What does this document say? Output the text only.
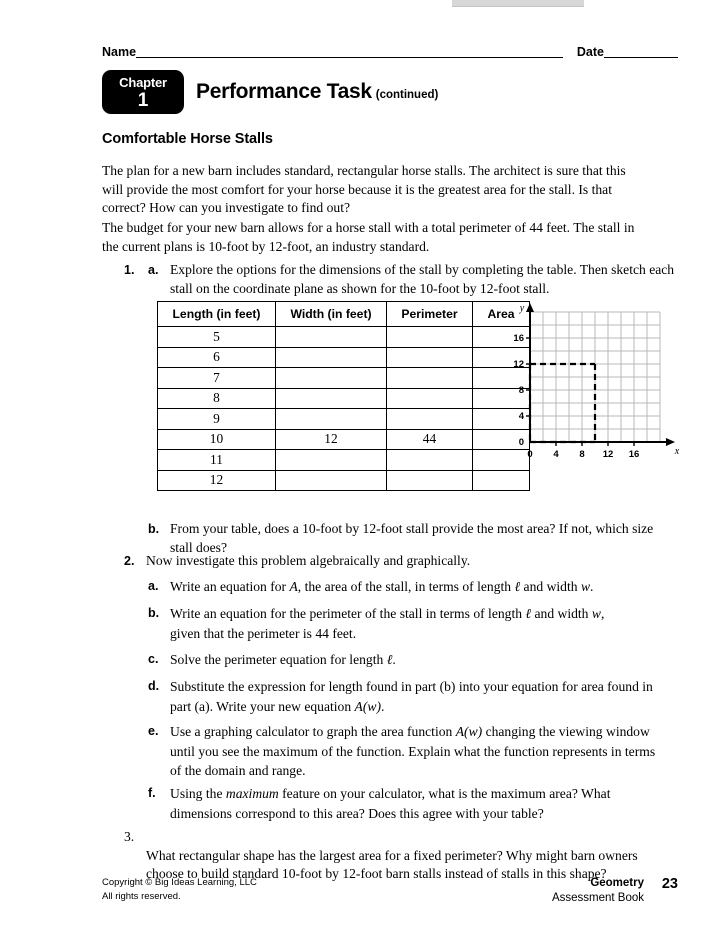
Name	Date
Chapter
1	Performance Task (continued)
Comfortable Horse Stalls
The plan for a new barn includes standard, rectangular horse stalls. The architect is sure that this will provide the most comfort for your horse because it is the greatest area for the stall. Is that correct? How can you investigate to find out?
The budget for your new barn allows for a horse stall with a total perimeter of 44 feet. The stall in the current plans is 10-foot by 12-foot, an industry standard.
1. a. Explore the options for the dimensions of the stall by completing the table. Then sketch each stall on the coordinate plane as shown for the 10-foot by 12-foot stall.
Length (in feet)	Width (in feet)	Perimeter	Area
5			
6			
7			
8			
9			
10	12	44	
11			
12			
y
x
0
4
8
12
16
0 4 8 12 16
b. From your table, does a 10-foot by 12-foot stall provide the most area? If not, which size stall does?
2. Now investigate this problem algebraically and graphically.
a. Write an equation for A, the area of the stall, in terms of length ℓ and width w.
b. Write an equation for the perimeter of the stall in terms of length ℓ and width w,
given that the perimeter is 44 feet.
c. Solve the perimeter equation for length ℓ.
d. Substitute the expression for length found in part (b) into your equation for area found in part (a). Write your new equation A(w).
e. Use a graphing calculator to graph the area function A(w) changing the viewing window until you see the maximum of the function. Explain what the function represents in terms of the domain and range.
f. Using the maximum feature on your calculator, what is the maximum area? What dimensions correspond to this area? Does this agree with your table?
3.
What rectangular shape has the largest area for a fixed perimeter? Why might barn owners choose to build standard 10-foot by 12-foot barn stalls instead of stalls in this shape?
Copyright © Big Ideas Learning, LLC
All rights reserved.
Geometry
Assessment Book
23
